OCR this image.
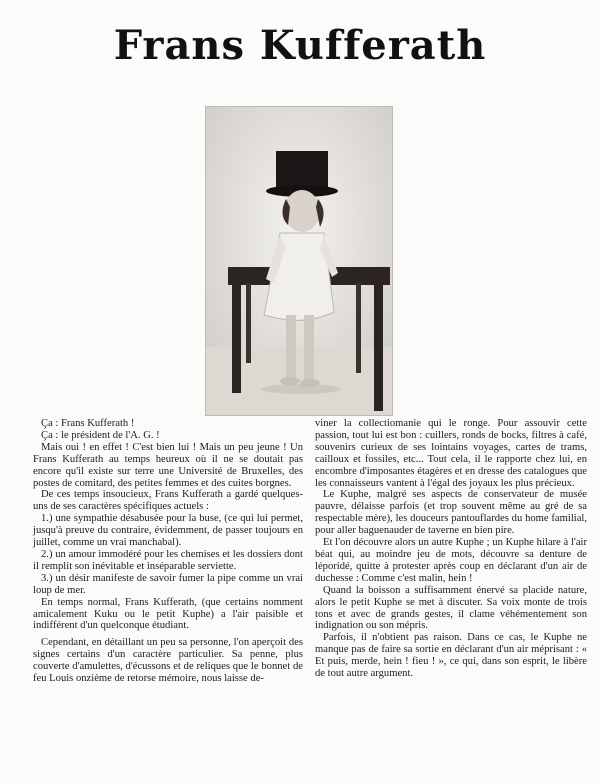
Frans Kufferath

Ça : Frans Kufferath !

Ça : le président de l'A. G. !

Mais oui ! en effet ! C'est bien lui ! Mais un peu jeune ! Un Frans Kufferath au temps heureux où il ne se doutait pas encore qu'il existe sur terre une Université de Bruxelles, des postes de comitard, des petites femmes et des cuites borgnes.

De ces temps insoucieux, Frans Kufferath a gardé quelques-uns de ses caractères spécifiques actuels :

1.) une sympathie désabusée pour la buse, (ce qui lui permet, jusqu'à preuve du contraire, évidemment, de passer toujours en juillet, comme un vrai manchabal).

2.) un amour immodéré pour les chemises et les dossiers dont il remplit son inévitable et inséparable serviette.

3.) un désir manifeste de savoir fumer la pipe comme un vrai loup de mer.

En temps normal, Frans Kufferath, (que certains nomment amicalement Kuku ou le petit Kuphe) a l'air paisible et indifférent d'un quelconque étudiant.

Cependant, en détaillant un peu sa personne, l'on aperçoit des signes certains d'un caractère particulier. Sa penne, plus couverte d'amulettes, d'écussons et de reliques que le bonnet de feu Louis onzième de retorse mémoire, nous laisse de-

viner la collectiomanie qui le ronge. Pour assouvir cette passion, tout lui est bon : cuillers, ronds de bocks, filtres à café, souvenirs curieux de ses lointains voyages, cartes de trams, cailloux et fossiles, etc... Tout cela, il le rapporte chez lui, en encombre d'imposantes étagères et en dresse des catalogues que les connaisseurs vantent à l'égal des joyaux les plus précieux.

Le Kuphe, malgré ses aspects de conservateur de musée pauvre, délaisse parfois (et trop souvent même au gré de sa respectable mère), les douceurs pantouflardes du home familial, pour aller baguenauder de taverne en bien pire.

Et l'on découvre alors un autre Kuphe ; un Kuphe hilare à l'air béat qui, au moindre jeu de mots, découvre sa denture de léporidé, quitte à protester après coup en déclarant d'un air de duchesse : Comme c'est malin, hein !

Quand la boisson a suffisamment énervé sa placide nature, alors le petit Kuphe se met à discuter. Sa voix monte de trois tons et avec de grands gestes, il clame véhémentement son indignation ou son mépris.

Parfois, il n'obtient pas raison. Dans ce cas, le Kuphe ne manque pas de faire sa sortie en déclarant d'un air méprisant : « Et puis, merde, hein ! fieu ! », ce qui, dans son esprit, le libère de tout autre argument.
